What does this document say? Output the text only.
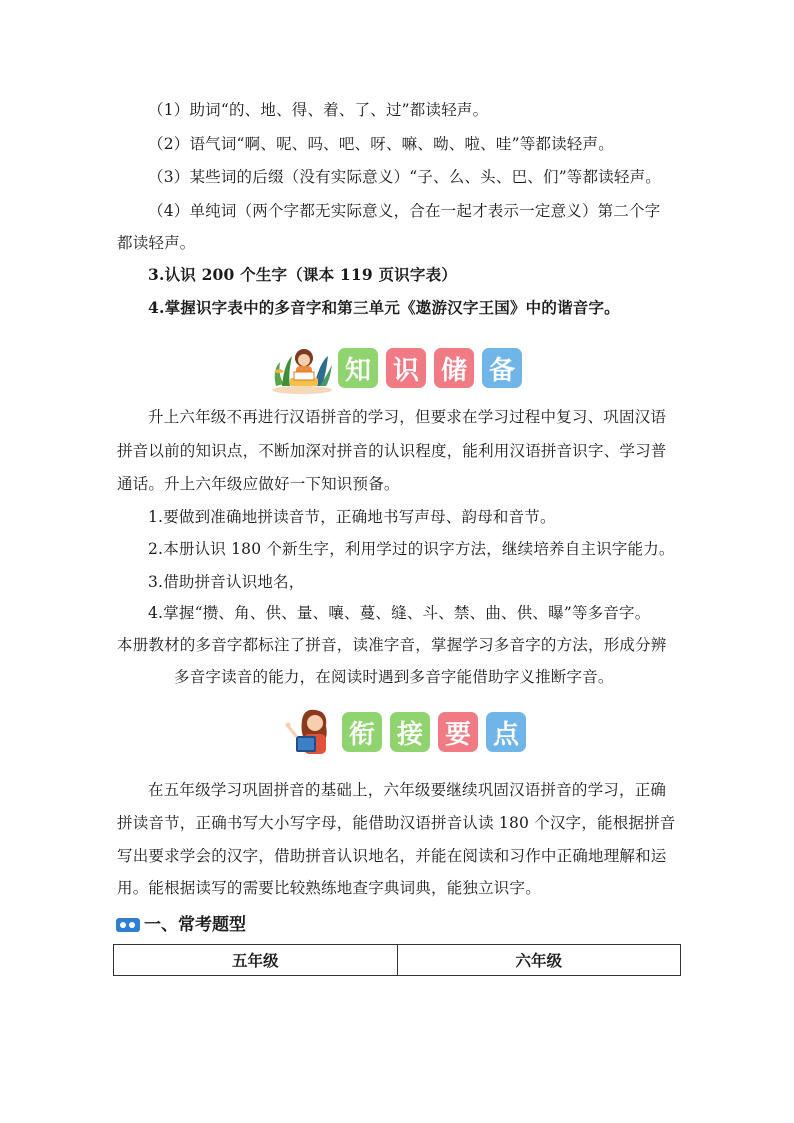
（1）助词“的、地、得、着、了、过”都读轻声。
（2）语气词“啊、呢、吗、吧、呀、嘛、呦、啦、哇”等都读轻声。
（3）某些词的后缀（没有实际意义）“子、么、头、巴、们”等都读轻声。
（4）单纯词（两个字都无实际意义，合在一起才表示一定意义）第二个字
都读轻声。
3.认识 200 个生字（课本 119 页识字表）
4.掌握识字表中的多音字和第三单元《遨游汉字王国》中的谐音字。
知 识 储 备
升上六年级不再进行汉语拼音的学习，但要求在学习过程中复习、巩固汉语
拼音以前的知识点，不断加深对拼音的认识程度，能利用汉语拼音识字、学习普
通话。升上六年级应做好一下知识预备。
1.要做到准确地拼读音节，正确地书写声母、韵母和音节。
2.本册认识 180 个新生字，利用学过的识字方法，继续培养自主识字能力。
3.借助拼音认识地名，
4.掌握“攒、角、供、量、嚷、蔓、缝、斗、禁、曲、供、曝”等多音字。
本册教材的多音字都标注了拼音，读准字音，掌握学习多音字的方法，形成分辨
多音字读音的能力，在阅读时遇到多音字能借助字义推断字音。
衔 接 要 点
在五年级学习巩固拼音的基础上，六年级要继续巩固汉语拼音的学习，正确
拼读音节，正确书写大小写字母，能借助汉语拼音认读 180 个汉字，能根据拼音
写出要求学会的汉字，借助拼音认识地名，并能在阅读和习作中正确地理解和运
用。能根据读写的需要比较熟练地查字典词典，能独立识字。
一、常考题型
五年级	六年级
